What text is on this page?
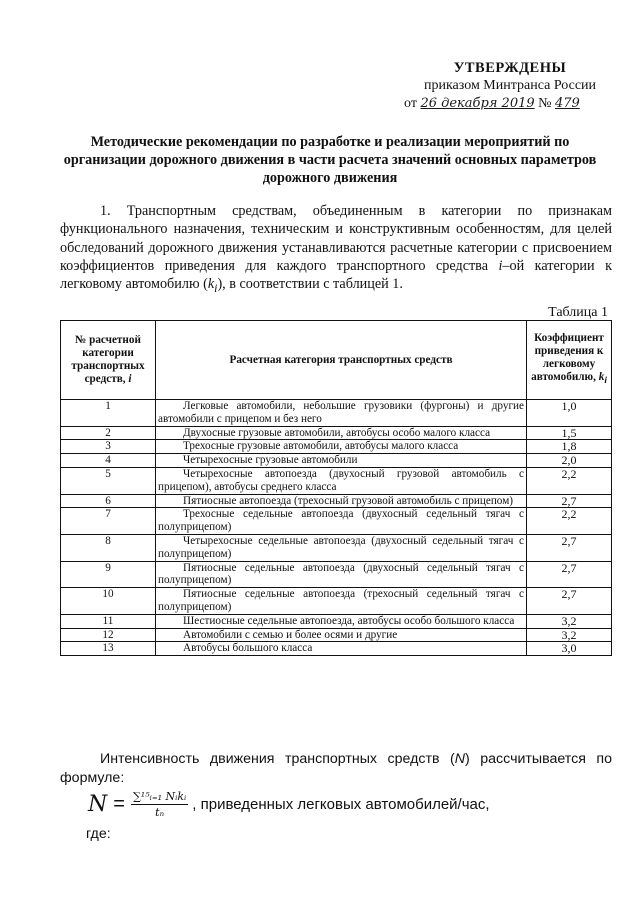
УТВЕРЖДЕНЫ
приказом Минтранса России
от 26 декабря 2019 № 479
Методические рекомендации по разработке и реализации мероприятий по организации дорожного движения в части расчета значений основных параметров дорожного движения
1. Транспортным средствам, объединенным в категории по признакам функционального назначения, техническим и конструктивным особенностям, для целей обследований дорожного движения устанавливаются расчетные категории с присвоением коэффициентов приведения для каждого транспортного средства i–ой категории к легковому автомобилю $(k_i)$, в соответствии с таблицей 1.
Таблица 1
№ расчетной категории транспортных средств, i	Расчетная категория транспортных средств	Коэффициент приведения к легковому автомобилю, $k_i$
1	Легковые автомобили, небольшие грузовики (фургоны) и другие автомобили с прицепом и без него	1,0
2	Двухосные грузовые автомобили, автобусы особо малого класса	1,5
3	Трехосные грузовые автомобили, автобусы малого класса	1,8
4	Четырехосные грузовые автомобили	2,0
5	Четырехосные автопоезда (двухосный грузовой автомобиль с прицепом), автобусы среднего класса	2,2
6	Пятиосные автопоезда (трехосный грузовой автомобиль с прицепом)	2,7
7	Трехосные седельные автопоезда (двухосный седельный тягач с полуприцепом)	2,2
8	Четырехосные седельные автопоезда (двухосный седельный тягач с полуприцепом)	2,7
9	Пятиосные седельные автопоезда (двухосный седельный тягач с полуприцепом)	2,7
10	Пятиосные седельные автопоезда (трехосный седельный тягач с полуприцепом)	2,7
11	Шестиосные седельные автопоезда, автобусы особо большого класса	3,2
12	Автомобили с семью и более осями и другие	3,2
13	Автобусы большого класса	3,0
Интенсивность движения транспортных средств (N) рассчитывается по формуле:
$N = \frac{\text{∑¹⁵ᵢ₌₁ Nᵢkᵢ}}{\text{tₙ}}$ , приведенных легковых автомобилей/час,
где:
